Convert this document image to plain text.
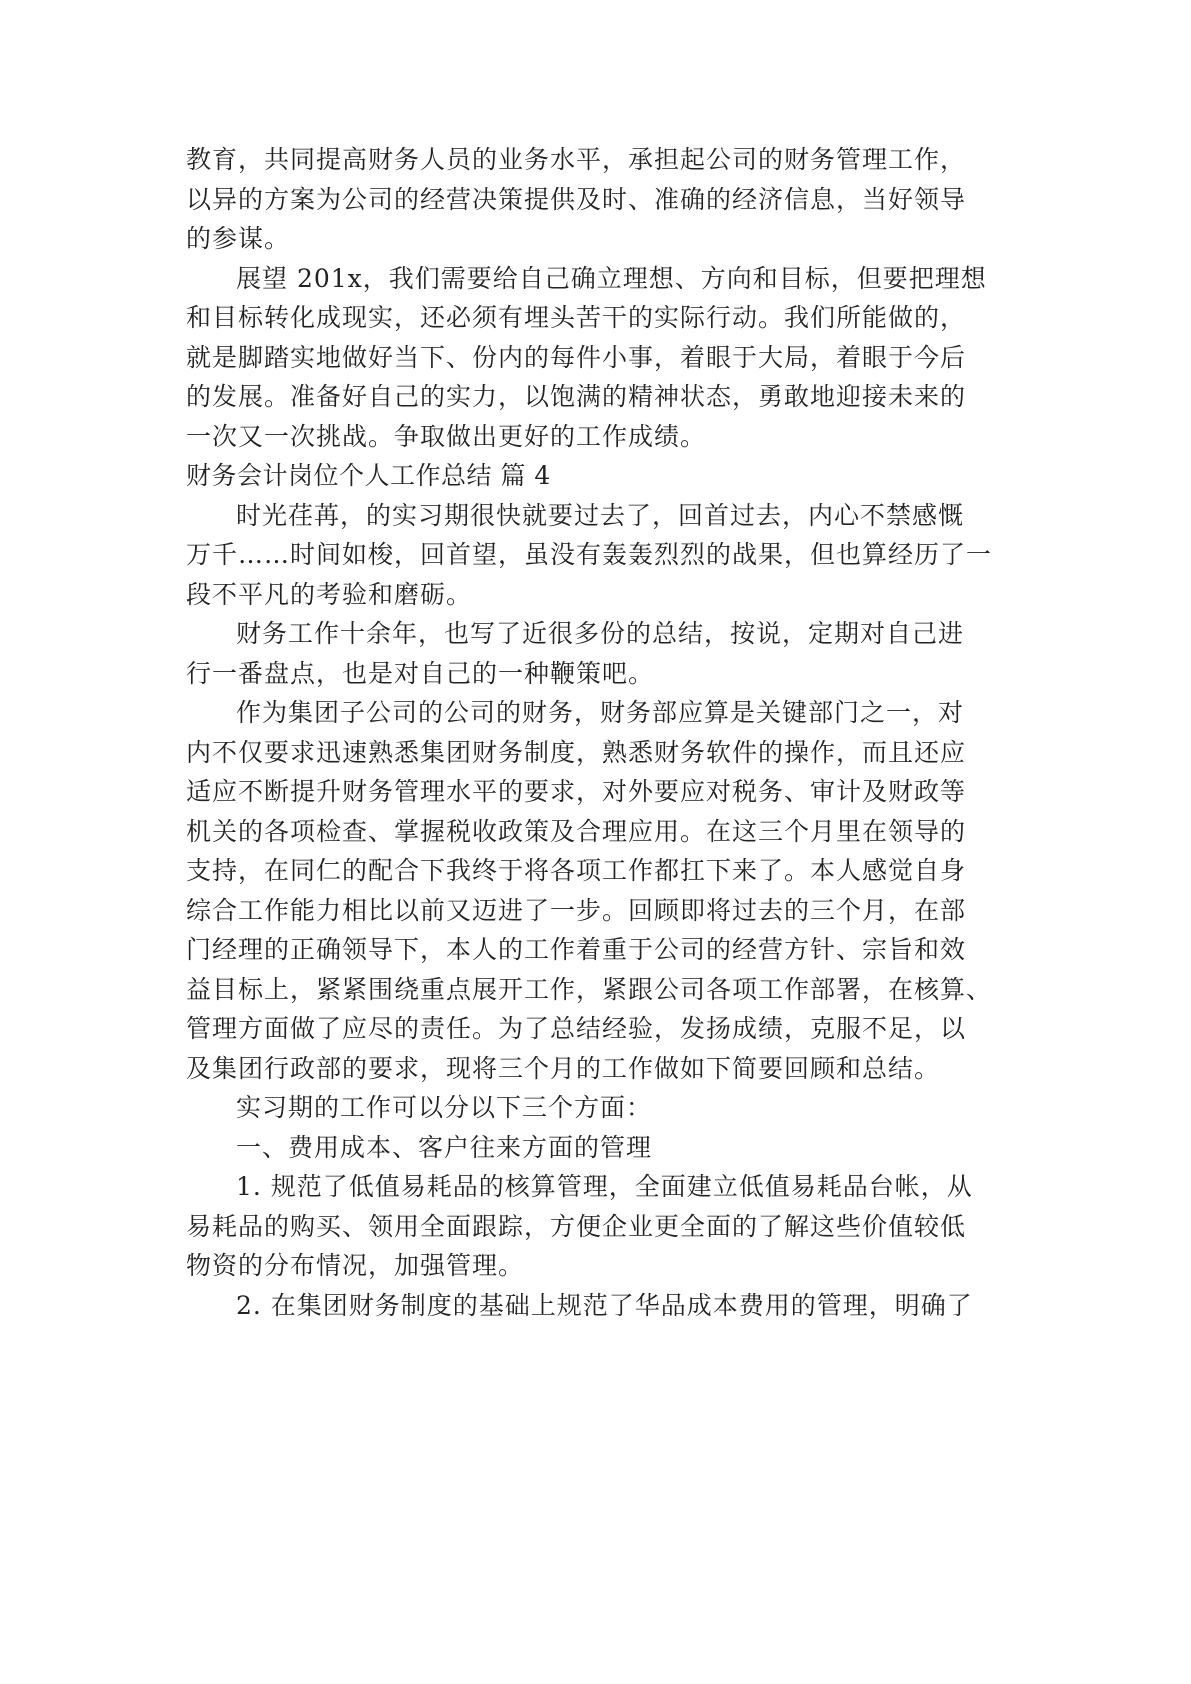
教育，共同提高财务人员的业务水平，承担起公司的财务管理工作，
以异的方案为公司的经营决策提供及时、准确的经济信息，当好领导
的参谋。
展望 201x，我们需要给自己确立理想、方向和目标，但要把理想
和目标转化成现实，还必须有埋头苦干的实际行动。我们所能做的，
就是脚踏实地做好当下、份内的每件小事，着眼于大局，着眼于今后
的发展。准备好自己的实力，以饱满的精神状态，勇敢地迎接未来的
一次又一次挑战。争取做出更好的工作成绩。
财务会计岗位个人工作总结 篇 4
时光荏苒，的实习期很快就要过去了，回首过去，内心不禁感慨
万千……时间如梭，回首望，虽没有轰轰烈烈的战果，但也算经历了一
段不平凡的考验和磨砺。
财务工作十余年，也写了近很多份的总结，按说，定期对自己进
行一番盘点，也是对自己的一种鞭策吧。
作为集团子公司的公司的财务，财务部应算是关键部门之一，对
内不仅要求迅速熟悉集团财务制度，熟悉财务软件的操作，而且还应
适应不断提升财务管理水平的要求，对外要应对税务、审计及财政等
机关的各项检查、掌握税收政策及合理应用。在这三个月里在领导的
支持，在同仁的配合下我终于将各项工作都扛下来了。本人感觉自身
综合工作能力相比以前又迈进了一步。回顾即将过去的三个月，在部
门经理的正确领导下，本人的工作着重于公司的经营方针、宗旨和效
益目标上，紧紧围绕重点展开工作，紧跟公司各项工作部署，在核算、
管理方面做了应尽的责任。为了总结经验，发扬成绩，克服不足，以
及集团行政部的要求，现将三个月的工作做如下简要回顾和总结。
实习期的工作可以分以下三个方面：
一、费用成本、客户往来方面的管理
1. 规范了低值易耗品的核算管理，全面建立低值易耗品台帐，从
易耗品的购买、领用全面跟踪，方便企业更全面的了解这些价值较低
物资的分布情况，加强管理。
2. 在集团财务制度的基础上规范了华品成本费用的管理，明确了
